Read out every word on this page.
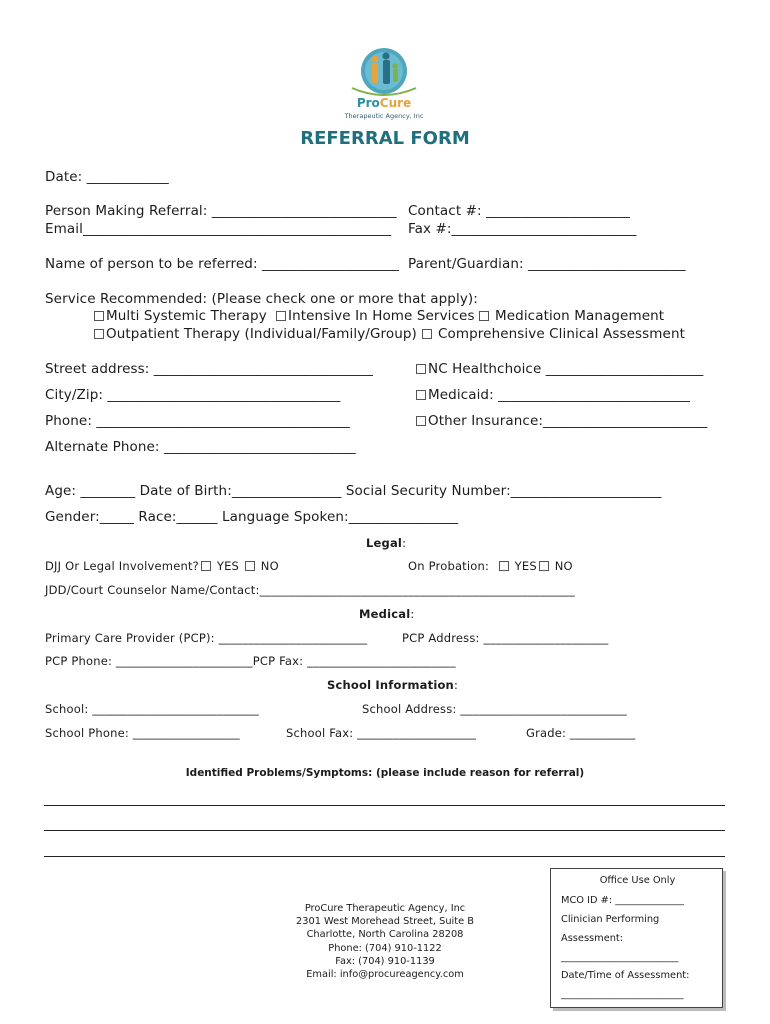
ProCure
Therapeutic Agency, Inc
REFERRAL FORM
Date: ____________
Person Making Referral: ___________________________ Contact #: _____________________
Email_____________________________________________ Fax #:___________________________
Name of person to be referred: ____________________ Parent/Guardian: _______________________
Service Recommended: (Please check one or more that apply):
Multi Systemic Therapy	Intensive In Home Services	Medication Management
Outpatient Therapy (Individual/Family/Group)	Comprehensive Clinical Assessment
Street address: ________________________________	NC Healthchoice _______________________
City/Zip: __________________________________	Medicaid: ____________________________
Phone: _____________________________________	Other Insurance:________________________
Alternate Phone: ____________________________
Age: ________ Date of Birth:________________ Social Security Number:______________________
Gender:_____ Race:______ Language Spoken:________________
Legal:
DJJ Or Legal Involvement? YES NO	On Probation: YES NO
JDD/Court Counselor Name/Contact:_____________________________________________________
Medical:
Primary Care Provider (PCP): _________________________	PCP Address: _____________________
PCP Phone: _______________________PCP Fax: _________________________
School Information:
School: ____________________________	School Address: ____________________________
School Phone: __________________	School Fax: ____________________	Grade: ___________
Identified Problems/Symptoms: (please include reason for referral)
ProCure Therapeutic Agency, Inc
2301 West Morehead Street, Suite B
Charlotte, North Carolina 28208
Phone: (704) 910-1122
Fax: (704) 910-1139
Email: info@procureagency.com
Office Use Only
MCO ID #: ______________
Clinician Performing
Assessment:
________________________
Date/Time of Assessment:
_________________________
